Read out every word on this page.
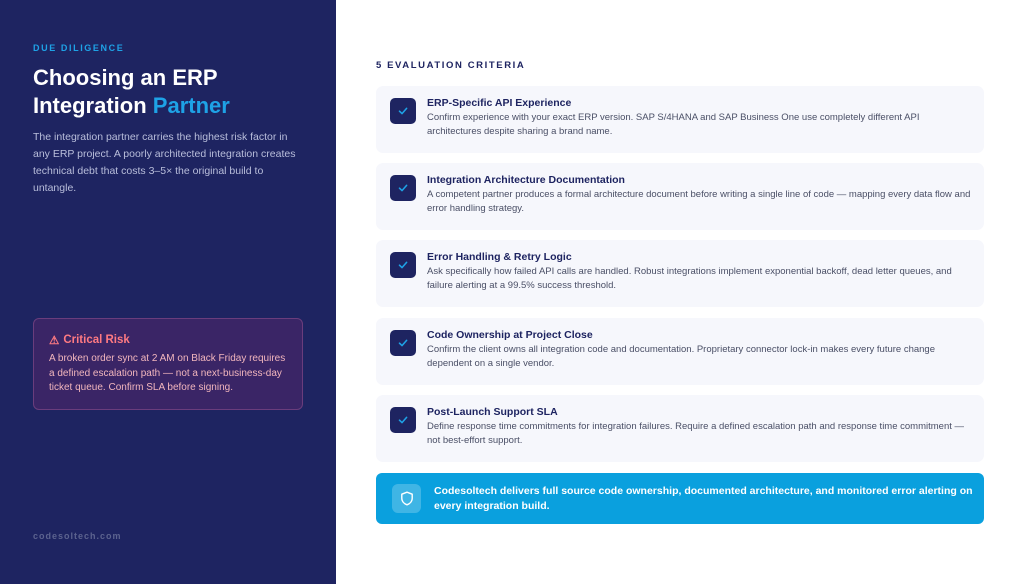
DUE DILIGENCE
Choosing an ERP Integration Partner
The integration partner carries the highest risk factor in any ERP project. A poorly architected integration creates technical debt that costs 3–5× the original build to untangle.
⚠ Critical Risk
A broken order sync at 2 AM on Black Friday requires a defined escalation path — not a next-business-day ticket queue. Confirm SLA before signing.
codesoltech.com
5 EVALUATION CRITERIA
ERP-Specific API Experience
Confirm experience with your exact ERP version. SAP S/4HANA and SAP Business One use completely different API architectures despite sharing a brand name.
Integration Architecture Documentation
A competent partner produces a formal architecture document before writing a single line of code — mapping every data flow and error handling strategy.
Error Handling & Retry Logic
Ask specifically how failed API calls are handled. Robust integrations implement exponential backoff, dead letter queues, and failure alerting at a 99.5% success threshold.
Code Ownership at Project Close
Confirm the client owns all integration code and documentation. Proprietary connector lock-in makes every future change dependent on a single vendor.
Post-Launch Support SLA
Define response time commitments for integration failures. Require a defined escalation path and response time commitment — not best-effort support.
Codesoltech delivers full source code ownership, documented architecture, and monitored error alerting on every integration build.
